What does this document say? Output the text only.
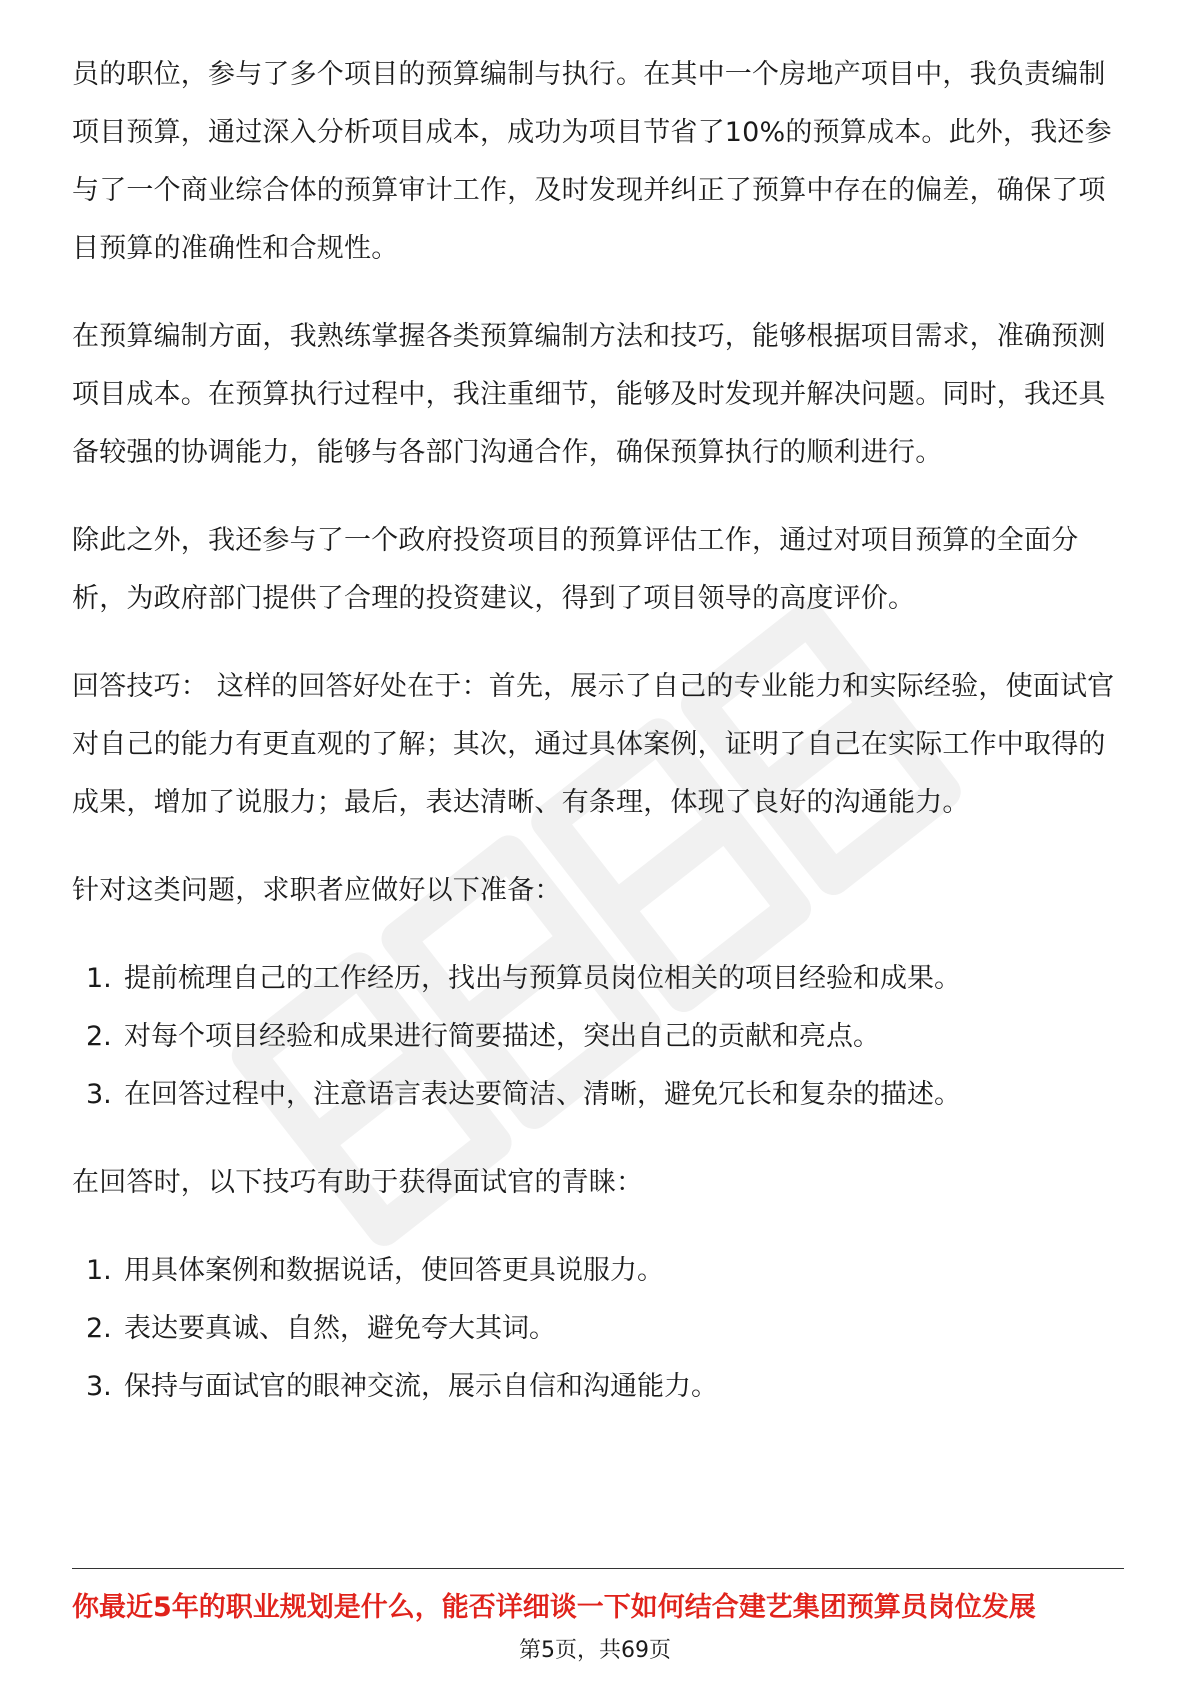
员的职位，参与了多个项目的预算编制与执行。在其中一个房地产项目中，我负责编制项目预算，通过深入分析项目成本，成功为项目节省了10%的预算成本。此外，我还参与了一个商业综合体的预算审计工作，及时发现并纠正了预算中存在的偏差，确保了项目预算的准确性和合规性。

在预算编制方面，我熟练掌握各类预算编制方法和技巧，能够根据项目需求，准确预测项目成本。在预算执行过程中，我注重细节，能够及时发现并解决问题。同时，我还具备较强的协调能力，能够与各部门沟通合作，确保预算执行的顺利进行。

除此之外，我还参与了一个政府投资项目的预算评估工作，通过对项目预算的全面分析，为政府部门提供了合理的投资建议，得到了项目领导的高度评价。

回答技巧： 这样的回答好处在于：首先，展示了自己的专业能力和实际经验，使面试官对自己的能力有更直观的了解；其次，通过具体案例，证明了自己在实际工作中取得的成果，增加了说服力；最后，表达清晰、有条理，体现了良好的沟通能力。

针对这类问题，求职者应做好以下准备：

1. 提前梳理自己的工作经历，找出与预算员岗位相关的项目经验和成果。
2. 对每个项目经验和成果进行简要描述，突出自己的贡献和亮点。
3. 在回答过程中，注意语言表达要简洁、清晰，避免冗长和复杂的描述。

在回答时，以下技巧有助于获得面试官的青睐：

1. 用具体案例和数据说话，使回答更具说服力。
2. 表达要真诚、自然，避免夸大其词。
3. 保持与面试官的眼神交流，展示自信和沟通能力。
你最近5年的职业规划是什么，能否详细谈一下如何结合建艺集团预算员岗位发展
第5页，共69页
